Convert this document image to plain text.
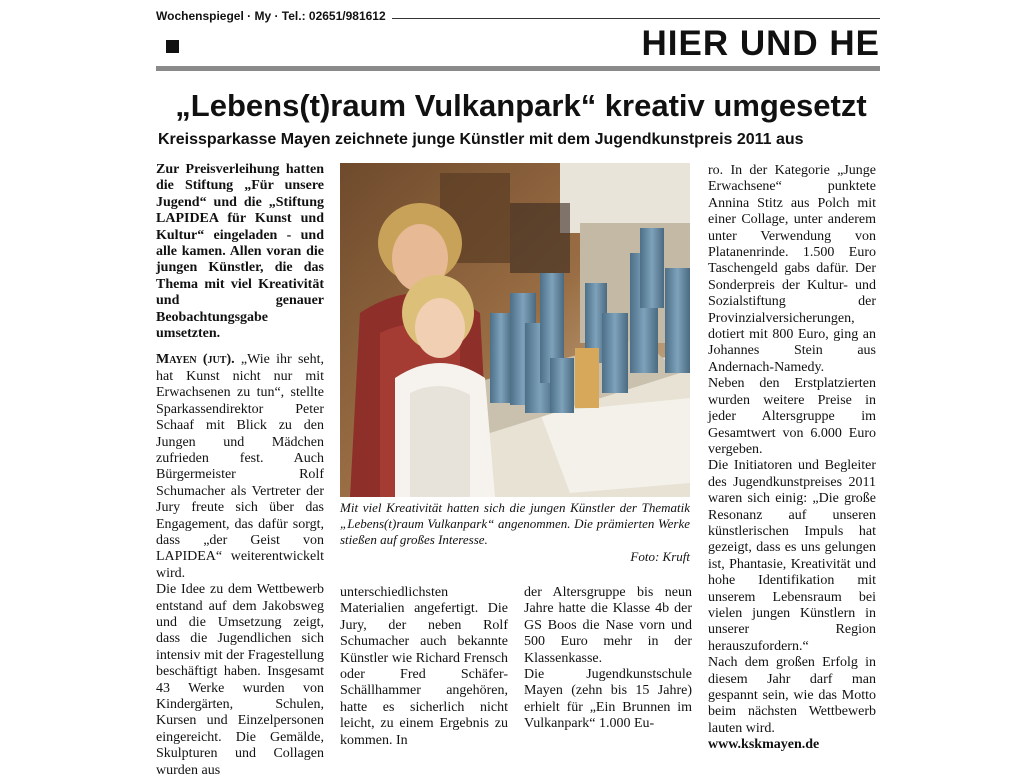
Wochenspiegel · My · Tel.: 02651/981612
HIER UND HE
„Lebens(t)raum Vulkanpark“ kreativ umgesetzt
Kreissparkasse Mayen zeichnete junge Künstler mit dem Jugendkunstpreis 2011 aus

Zur Preisverleihung hatten die Stiftung „Für unsere Jugend“ und die „Stiftung LAPIDEA für Kunst und Kultur“ eingeladen - und alle kamen. Allen voran die jungen Künstler, die das Thema mit viel Kreativität und genauer Beobachtungsgabe umsetzten.

Mayen (jut). „Wie ihr seht, hat Kunst nicht nur mit Erwachsenen zu tun“, stellte Sparkassendirektor Peter Schaaf mit Blick zu den Jungen und Mädchen zufrieden fest. Auch Bürgermeister Rolf Schumacher als Vertreter der Jury freute sich über das Engagement, das dafür sorgt, dass „der Geist von LAPIDEA“ weiterentwickelt wird.

Die Idee zu dem Wettbewerb entstand auf dem Jakobsweg und die Umsetzung zeigt, dass die Jugendlichen sich intensiv mit der Fragestellung beschäftigt haben. Insgesamt 43 Werke wurden von Kindergärten, Schulen, Kursen und Einzelpersonen eingereicht. Die Gemälde, Skulpturen und Collagen wurden aus

Mit viel Kreativität hatten sich die jungen Künstler der Thematik „Lebens(t)raum Vulkanpark“ angenommen. Die prämierten Werke stießen auf großes Interesse.

Foto: Kruft

unterschiedlichsten Materialien angefertigt. Die Jury, der neben Rolf Schumacher auch bekannte Künstler wie Richard Frensch oder Fred Schäfer- Schällhammer angehören, hatte es sicherlich nicht leicht, zu einem Ergebnis zu kommen. In

der Altersgruppe bis neun Jahre hatte die Klasse 4b der GS Boos die Nase vorn und 500 Euro mehr in der Klassenkasse.

Die Jugendkunstschule Mayen (zehn bis 15 Jahre) erhielt für „Ein Brunnen im Vulkanpark“ 1.000 Eu-

ro. In der Kategorie „Junge Erwachsene“ punktete Annina Stitz aus Polch mit einer Collage, unter anderem unter Verwendung von Platanenrinde. 1.500 Euro Taschengeld gabs dafür. Der Sonderpreis der Kultur- und Sozialstiftung der Provinzialversicherungen, dotiert mit 800 Euro, ging an Johannes Stein aus Andernach-Namedy.

Neben den Erstplatzierten wurden weitere Preise in jeder Altersgruppe im Gesamtwert von 6.000 Euro vergeben.

Die Initiatoren und Begleiter des Jugendkunstpreises 2011 waren sich einig: „Die große Resonanz auf unseren künstlerischen Impuls hat gezeigt, dass es uns gelungen ist, Phantasie, Kreativität und hohe Identifikation mit unserem Lebensraum bei vielen jungen Künstlern in unserer Region herauszufordern.“

Nach dem großen Erfolg in diesem Jahr darf man gespannt sein, wie das Motto beim nächsten Wettbewerb lauten wird.

www.kskmayen.de
